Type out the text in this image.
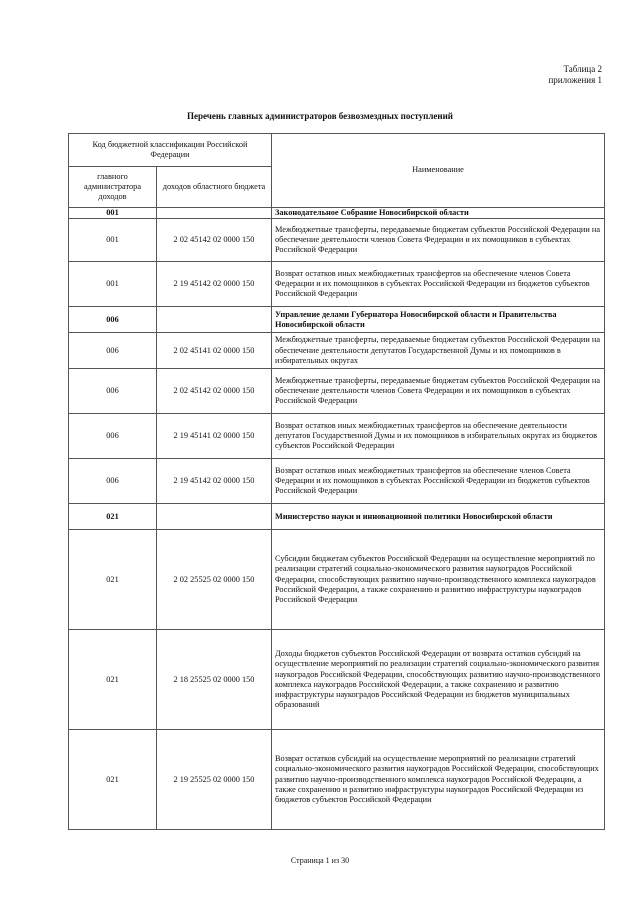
Таблица 2
приложения 1
Перечень главных администраторов безвозмездных поступлений
Код бюджетной классификации Российской Федерации		Наименование
главного администратора доходов	доходов областного бюджета	
001		Законодательное Собрание Новосибирской области
001	2 02 45142 02 0000 150	Межбюджетные трансферты, передаваемые бюджетам субъектов Российской Федерации на обеспечение деятельности членов Совета Федерации и их помощников в субъектах Российской Федерации
001	2 19 45142 02 0000 150	Возврат остатков иных межбюджетных трансфертов на обеспечение членов Совета Федерации и их помощников в субъектах Российской Федерации из бюджетов субъектов Российской Федерации
006		Управление делами Губернатора Новосибирской области и Правительства Новосибирской области
006	2 02 45141 02 0000 150	Межбюджетные трансферты, передаваемые бюджетам субъектов Российской Федерации на обеспечение деятельности депутатов Государственной Думы и их помощников в избирательных округах
006	2 02 45142 02 0000 150	Межбюджетные трансферты, передаваемые бюджетам субъектов Российской Федерации на обеспечение деятельности членов Совета Федерации и их помощников в субъектах Российской Федерации
006	2 19 45141 02 0000 150	Возврат остатков иных межбюджетных трансфертов на обеспечение деятельности депутатов Государственной Думы и их помощников в избирательных округах из бюджетов субъектов Российской Федерации
006	2 19 45142 02 0000 150	Возврат остатков иных межбюджетных трансфертов на обеспечение членов Совета Федерации и их помощников в субъектах Российской Федерации из бюджетов субъектов Российской Федерации
021		Министерство науки и инновационной политики Новосибирской области
021	2 02 25525 02 0000 150	Субсидии бюджетам субъектов Российской Федерации на осуществление мероприятий по реализации стратегий социально-экономического развития наукоградов Российской Федерации, способствующих развитию научно-производственного комплекса наукоградов Российской Федерации, а также сохранению и развитию инфраструктуры наукоградов Российской Федерации
021	2 18 25525 02 0000 150	Доходы бюджетов субъектов Российской Федерации от возврата остатков субсидий на осуществление мероприятий по реализации стратегий социально-экономического развития наукоградов Российской Федерации, способствующих развитию научно-производственного комплекса наукоградов Российской Федерации, а также сохранению и развитию инфраструктуры наукоградов Российской Федерации из бюджетов муниципальных образований
021	2 19 25525 02 0000 150	Возврат остатков субсидий на осуществление мероприятий по реализации стратегий социально-экономического развития наукоградов Российской Федерации, способствующих развитию научно-производственного комплекса наукоградов Российской Федерации, а также сохранению и развитию инфраструктуры наукоградов Российской Федерации из бюджетов субъектов Российской Федерации
Страница 1 из 30
